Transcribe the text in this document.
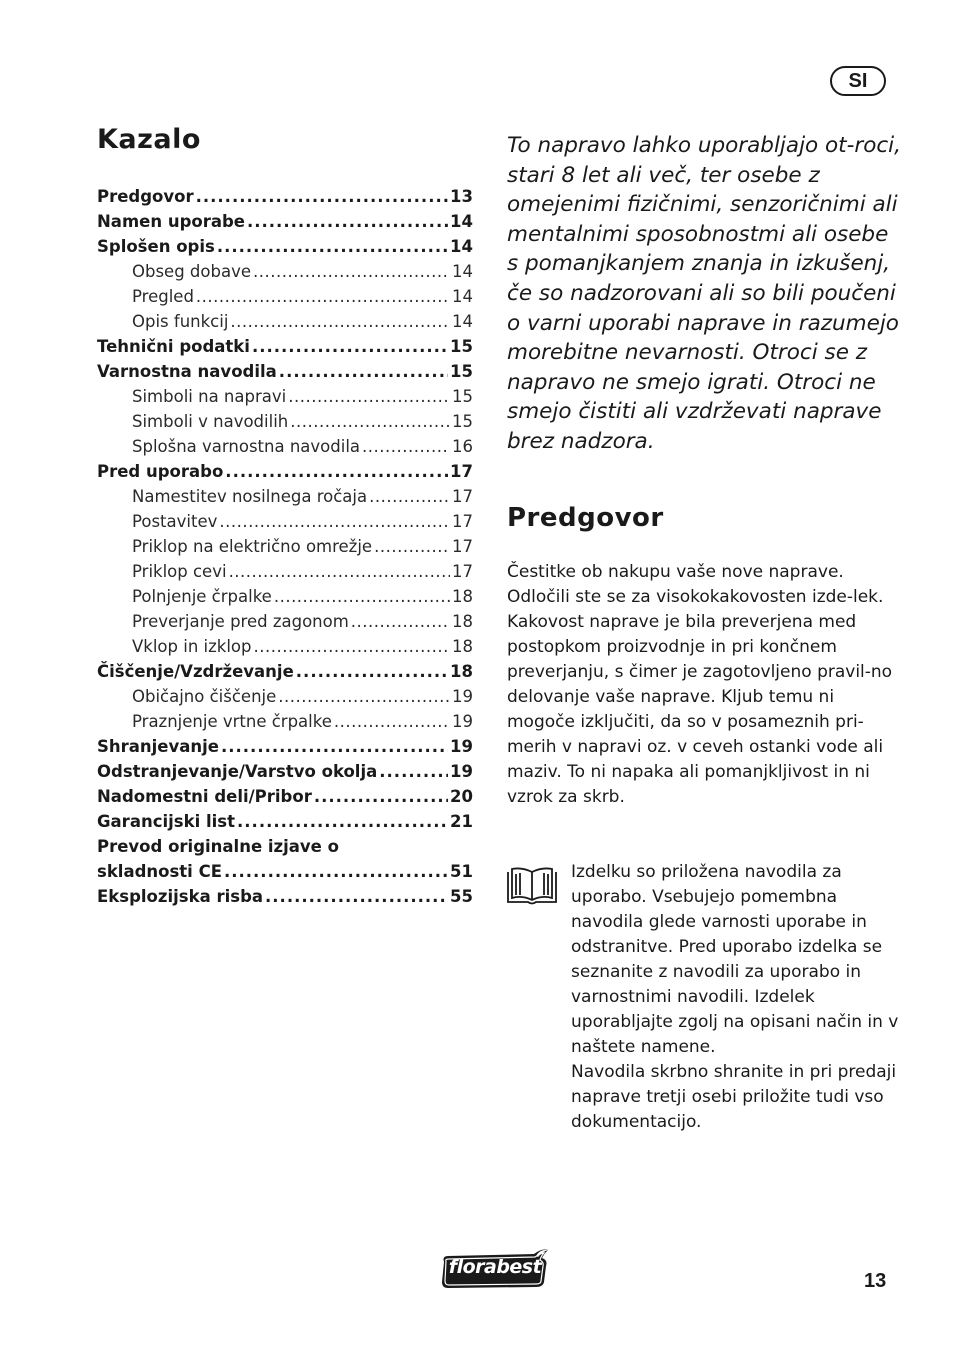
SI
Kazalo
Predgovor .....	13
Namen uporabe .....	14
Splošen opis .....	14
Obseg dobave .....	14
Pregled .....	14
Opis funkcij .....	14
Tehnični podatki .....	15
Varnostna navodila .....	15
Simboli na napravi .....	15
Simboli v navodilih .....	15
Splošna varnostna navodila .....	16
Pred uporabo .....	17
Namestitev nosilnega ročaja .....	17
Postavitev .....	17
Priklop na električno omrežje .....	17
Priklop cevi .....	17
Polnjenje črpalke .....	18
Preverjanje pred zagonom .....	18
Vklop in izklop .....	18
Čiščenje/Vzdrževanje .....	18
Običajno čiščenje .....	19
Praznjenje vrtne črpalke .....	19
Shranjevanje .....	19
Odstranjevanje/Varstvo okolja .....	19
Nadomestni deli/Pribor .....	20
Garancijski list .....	21
Prevod originalne izjave o
skladnosti CE .....	51
Eksplozijska risba .....	55

To napravo lahko uporabljajo ot-roci, stari 8 let ali več, ter osebe z omejenimi fizičnimi, senzoričnimi ali mentalnimi sposobnostmi ali osebe s pomanjkanjem znanja in izkušenj, če so nadzorovani ali so bili poučeni o varni uporabi naprave in razumejo morebitne nevarnosti. Otroci se z napravo ne smejo igrati. Otroci ne smejo čistiti ali vzdrževati naprave brez nadzora.

Predgovor

Čestitke ob nakupu vaše nove naprave. Odločili ste se za visokokakovosten izde-lek.

Kakovost naprave je bila preverjena med postopkom proizvodnje in pri končnem preverjanju, s čimer je zagotovljeno pravil-no delovanje vaše naprave. Kljub temu ni mogoče izključiti, da so v posameznih pri-merih v napravi oz. v ceveh ostanki vode ali maziv. To ni napaka ali pomanjkljivost in ni vzrok za skrb.

Izdelku so priložena navodila za uporabo. Vsebujejo pomembna navodila glede varnosti uporabe in odstranitve. Pred uporabo izdelka se seznanite z navodili za uporabo in varnostnimi navodili. Izdelek uporabljajte zgolj na opisani način in v naštete namene.

Navodila skrbno shranite in pri predaji naprave tretji osebi priložite tudi vso dokumentacijo.

florabest
13
